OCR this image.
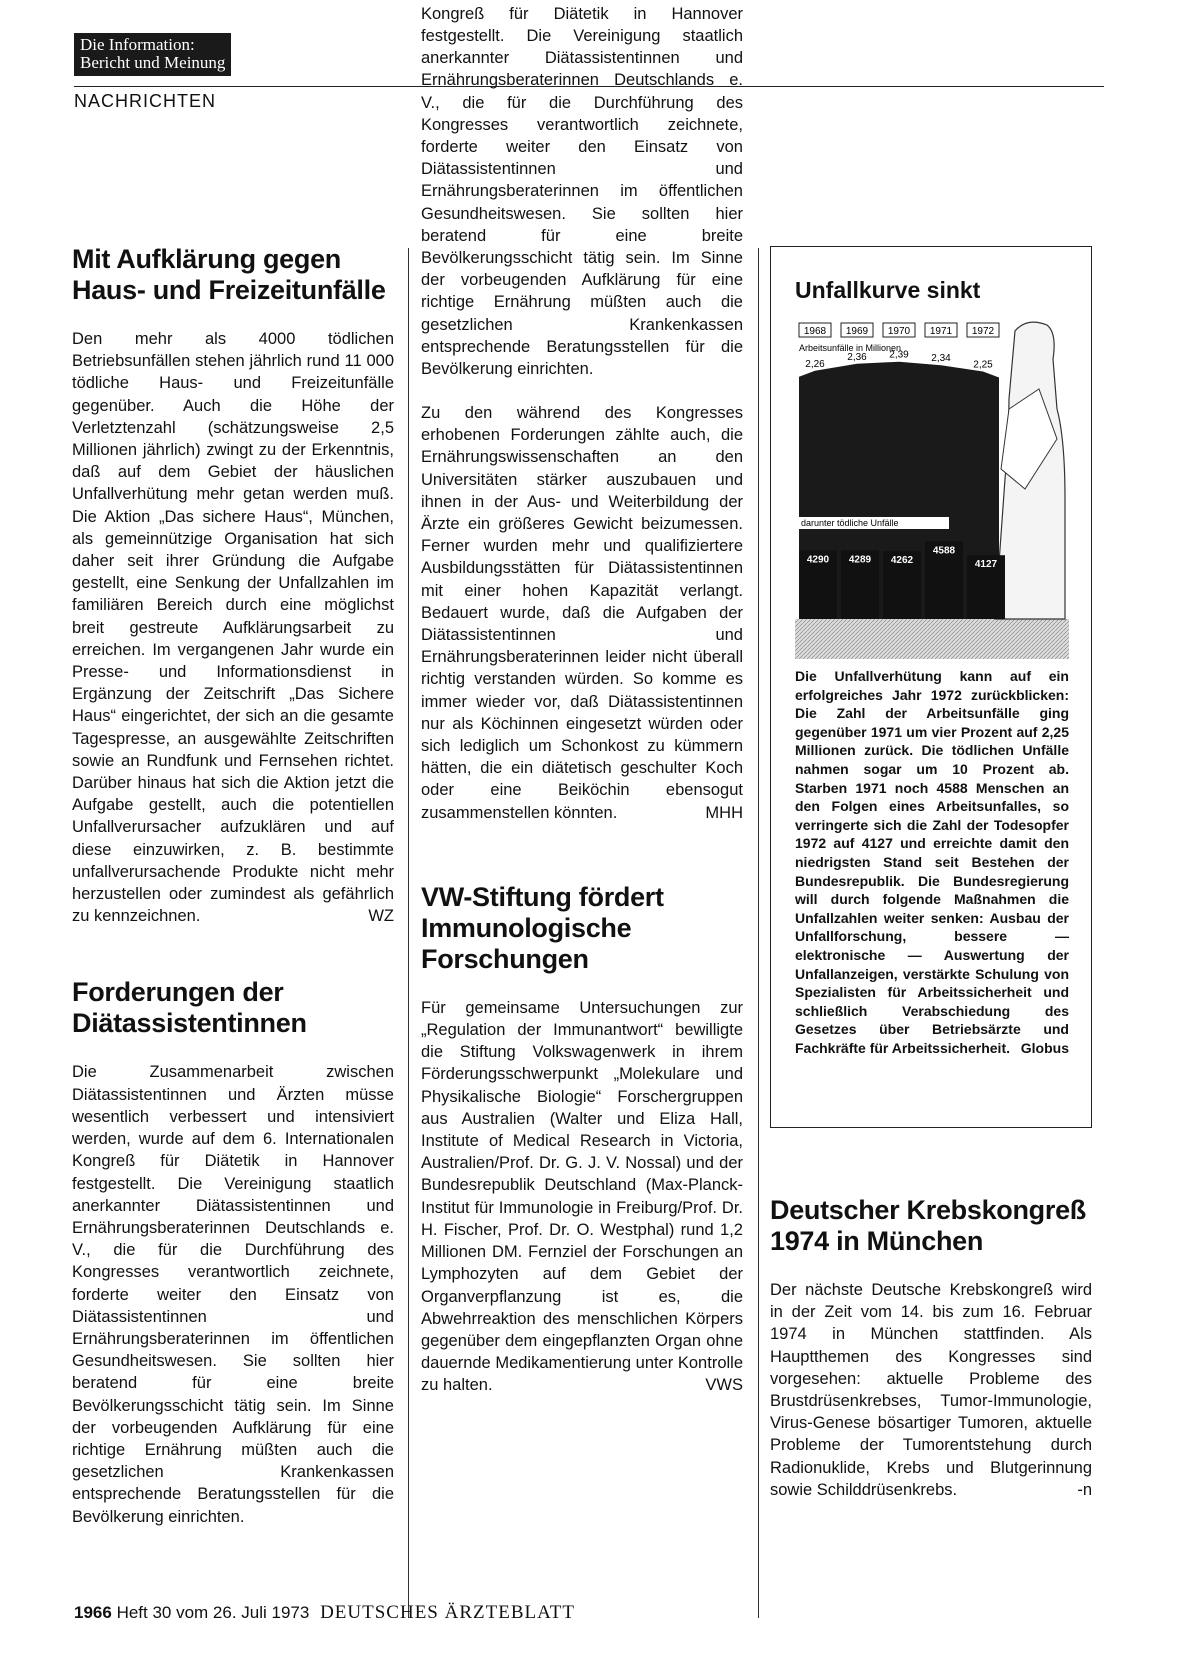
Die Information:
Bericht und Meinung
NACHRICHTEN
Mit Aufklärung gegen Haus- und Freizeitunfälle

Den mehr als 4000 tödlichen Betriebsunfällen stehen jährlich rund 11 000 tödliche Haus- und Freizeitunfälle gegenüber. Auch die Höhe der Verletztenzahl (schätzungsweise 2,5 Millionen jährlich) zwingt zu der Erkenntnis, daß auf dem Gebiet der häuslichen Unfallverhütung mehr getan werden muß. Die Aktion „Das sichere Haus“, München, als gemeinnützige Organisation hat sich daher seit ihrer Gründung die Aufgabe gestellt, eine Senkung der Unfallzahlen im familiären Bereich durch eine möglichst breit gestreute Aufklärungsarbeit zu erreichen. Im vergangenen Jahr wurde ein Presse- und Informationsdienst in Ergänzung der Zeitschrift „Das Sichere Haus“ eingerichtet, der sich an die gesamte Tagespresse, an ausgewählte Zeitschriften sowie an Rundfunk und Fernsehen richtet. Darüber hinaus hat sich die Aktion jetzt die Aufgabe gestellt, auch die potentiellen Unfallverursacher aufzuklären und auf diese einzuwirken, z. B. bestimmte unfallverursachende Produkte nicht mehr herzustellen oder zumindest als gefährlich zu kennzeichnen.	WZ

Forderungen der Diätassistentinnen

Die Zusammenarbeit zwischen Diätassistentinnen und Ärzten müsse wesentlich verbessert und intensiviert werden, wurde auf dem 6. Internationalen Kongreß für Diätetik in Hannover festgestellt. Die Vereinigung staatlich anerkannter Diätassistentinnen und Ernährungsberaterinnen Deutschlands e. V., die für die Durchführung des Kongresses verantwortlich zeichnete, forderte weiter den Einsatz von Diätassistentinnen und Ernährungsberaterinnen im öffentlichen Gesundheitswesen. Sie sollten hier beratend für eine breite Bevölkerungsschicht tätig sein. Im Sinne der vorbeugenden Aufklärung für eine richtige Ernährung müßten auch die gesetzlichen Krankenkassen entsprechende Beratungsstellen für die Bevölkerung einrichten.

Kongreß für Diätetik in Hannover festgestellt. Die Vereinigung staatlich anerkannter Diätassistentinnen und Ernährungsberaterinnen Deutschlands e. V., die für die Durchführung des Kongresses verantwortlich zeichnete, forderte weiter den Einsatz von Diätassistentinnen und Ernährungsberaterinnen im öffentlichen Gesundheitswesen. Sie sollten hier beratend für eine breite Bevölkerungsschicht tätig sein. Im Sinne der vorbeugenden Aufklärung für eine richtige Ernährung müßten auch die gesetzlichen Krankenkassen entsprechende Beratungsstellen für die Bevölkerung einrichten.

Zu den während des Kongresses erhobenen Forderungen zählte auch, die Ernährungswissenschaften an den Universitäten stärker auszubauen und ihnen in der Aus- und Weiterbildung der Ärzte ein größeres Gewicht beizumessen. Ferner wurden mehr und qualifiziertere Ausbildungsstätten für Diätassistentinnen mit einer hohen Kapazität verlangt. Bedauert wurde, daß die Aufgaben der Diätassistentinnen und Ernährungsberaterinnen leider nicht überall richtig verstanden würden. So komme es immer wieder vor, daß Diätassistentinnen nur als Köchinnen eingesetzt würden oder sich lediglich um Schonkost zu kümmern hätten, die ein diätetisch geschulter Koch oder eine Beiköchin ebensogut zusammenstellen könnten.	MHH

VW-Stiftung fördert Immunologische Forschungen

Für gemeinsame Untersuchungen zur „Regulation der Immunantwort“ bewilligte die Stiftung Volkswagenwerk in ihrem Förderungsschwerpunkt „Molekulare und Physikalische Biologie“ Forschergruppen aus Australien (Walter und Eliza Hall, Institute of Medical Research in Victoria, Australien/Prof. Dr. G. J. V. Nossal) und der Bundesrepublik Deutschland (Max-Planck-Institut für Immunologie in Freiburg/Prof. Dr. H. Fischer, Prof. Dr. O. Westphal) rund 1,2 Millionen DM. Fernziel der Forschungen an Lymphozyten auf dem Gebiet der Organverpflanzung ist es, die Abwehrreaktion des menschlichen Körpers gegenüber dem eingepflanzten Organ ohne dauernde Medikamentierung unter Kontrolle zu halten.	VWS

Unfallkurve sinkt
1968 1969 1970 1971 1972
Arbeitsunfälle in Millionen
2,26
2,36 2,39 2,34
2,25
darunter tödliche Unfälle
4290 4289 4262
4588
4127
Die Unfallverhütung kann auf ein erfolgreiches Jahr 1972 zurückblicken: Die Zahl der Arbeitsunfälle ging gegenüber 1971 um vier Prozent auf 2,25 Millionen zurück. Die tödlichen Unfälle nahmen sogar um 10 Prozent ab. Starben 1971 noch 4588 Menschen an den Folgen eines Arbeitsunfalles, so verringerte sich die Zahl der Todesopfer 1972 auf 4127 und erreichte damit den niedrigsten Stand seit Bestehen der Bundesrepublik. Die Bundesregierung will durch folgende Maßnahmen die Unfallzahlen weiter senken: Ausbau der Unfallforschung, bessere — elektronische — Auswertung der Unfallanzeigen, verstärkte Schulung von Spezialisten für Arbeitssicherheit und schließlich Verabschiedung des Gesetzes über Betriebsärzte und Fachkräfte für Arbeitssicherheit. Globus
Deutscher Krebskongreß 1974 in München

Der nächste Deutsche Krebskongreß wird in der Zeit vom 14. bis zum 16. Februar 1974 in München stattfinden. Als Hauptthemen des Kongresses sind vorgesehen: aktuelle Probleme des Brustdrüsenkrebses, Tumor-Immunologie, Virus-Genese bösartiger Tumoren, aktuelle Probleme der Tumorentstehung durch Radionuklide, Krebs und Blutgerinnung sowie Schilddrüsenkrebs.	-n

1966 Heft 30 vom 26. Juli 1973 DEUTSCHES ÄRZTEBLATT
